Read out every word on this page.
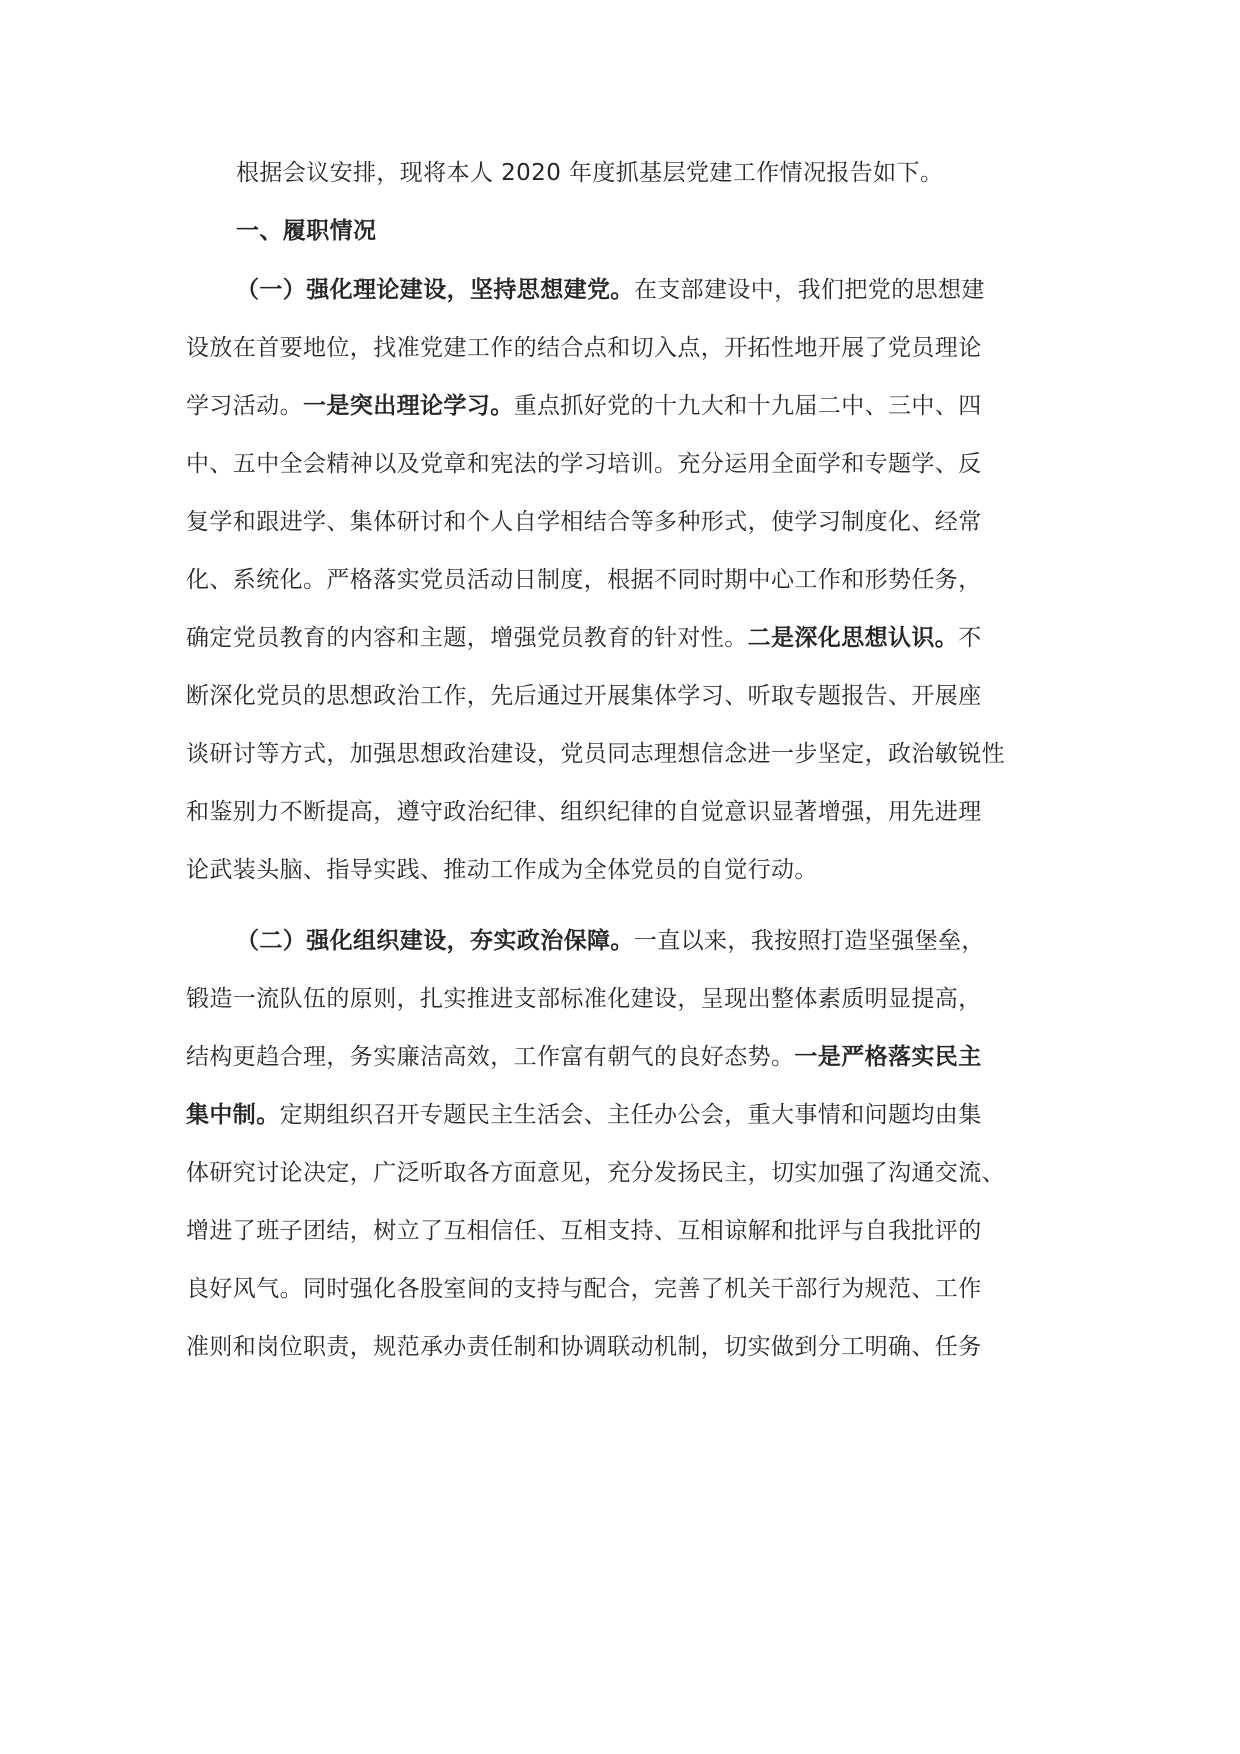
根据会议安排，现将本人 2020 年度抓基层党建工作情况报告如下。
一、履职情况
（一）强化理论建设，坚持思想建党。在支部建设中，我们把党的思想建
设放在首要地位，找准党建工作的结合点和切入点，开拓性地开展了党员理论
学习活动。一是突出理论学习。重点抓好党的十九大和十九届二中、三中、四
中、五中全会精神以及党章和宪法的学习培训。充分运用全面学和专题学、反
复学和跟进学、集体研讨和个人自学相结合等多种形式，使学习制度化、经常
化、系统化。严格落实党员活动日制度，根据不同时期中心工作和形势任务，
确定党员教育的内容和主题，增强党员教育的针对性。二是深化思想认识。不
断深化党员的思想政治工作，先后通过开展集体学习、听取专题报告、开展座
谈研讨等方式，加强思想政治建设，党员同志理想信念进一步坚定，政治敏锐性
和鉴别力不断提高，遵守政治纪律、组织纪律的自觉意识显著增强，用先进理
论武装头脑、指导实践、推动工作成为全体党员的自觉行动。
（二）强化组织建设，夯实政治保障。一直以来，我按照打造坚强堡垒，
锻造一流队伍的原则，扎实推进支部标准化建设，呈现出整体素质明显提高，
结构更趋合理，务实廉洁高效，工作富有朝气的良好态势。一是严格落实民主
集中制。定期组织召开专题民主生活会、主任办公会，重大事情和问题均由集
体研究讨论决定，广泛听取各方面意见，充分发扬民主，切实加强了沟通交流、
增进了班子团结，树立了互相信任、互相支持、互相谅解和批评与自我批评的
良好风气。同时强化各股室间的支持与配合，完善了机关干部行为规范、工作
准则和岗位职责，规范承办责任制和协调联动机制，切实做到分工明确、任务
